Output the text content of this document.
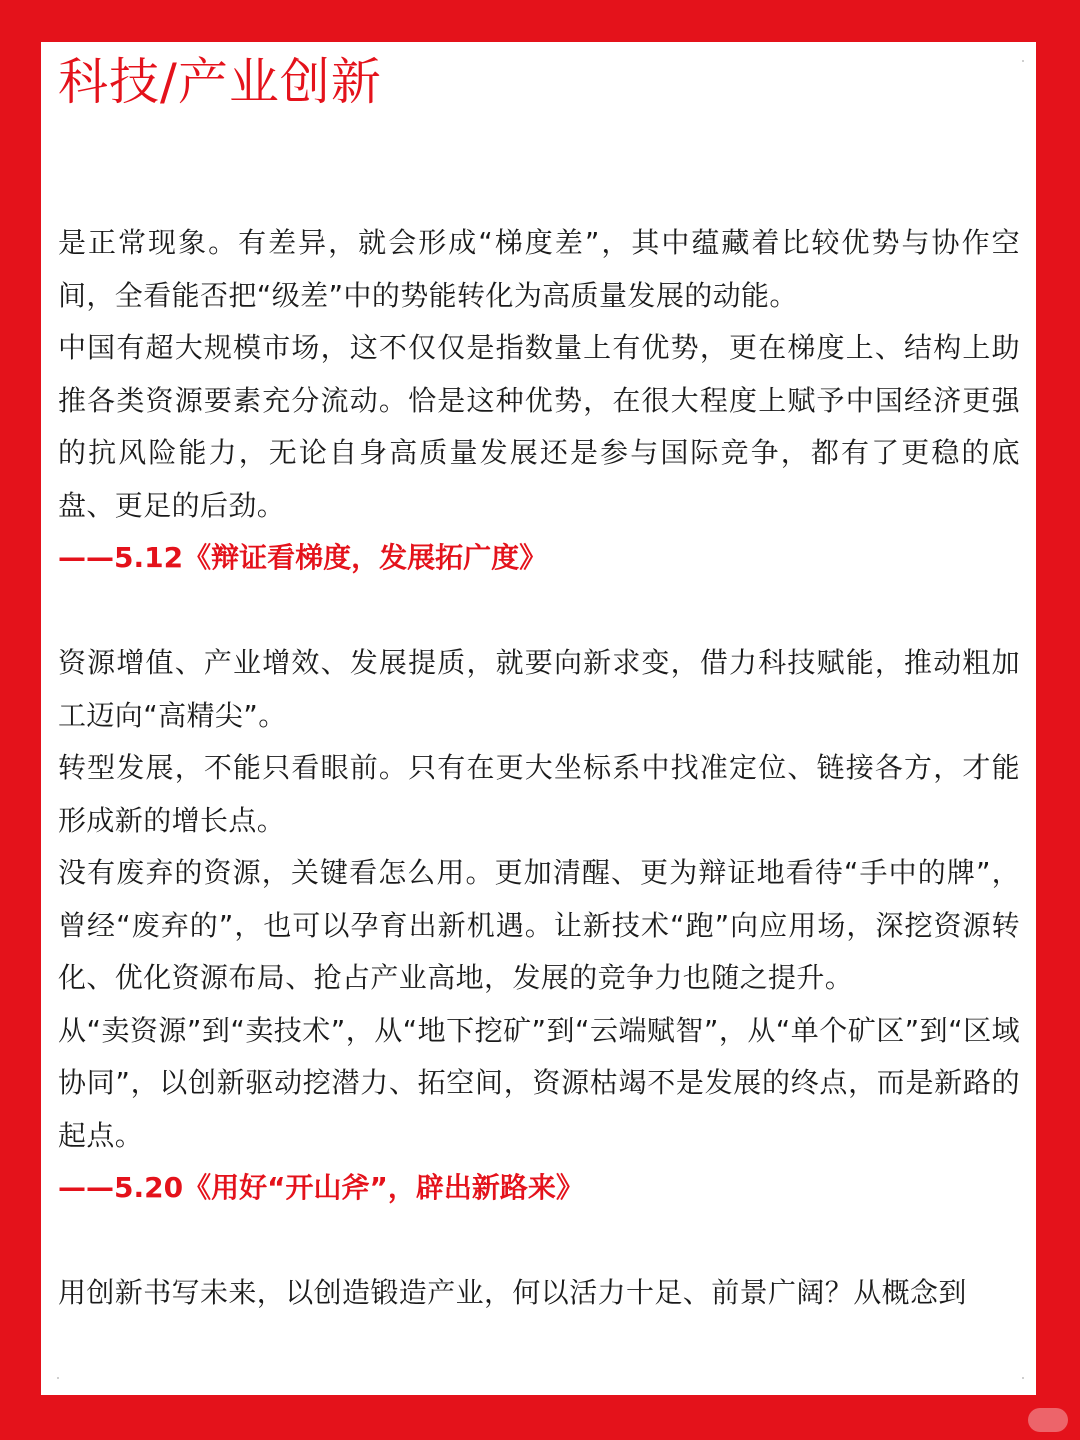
科技/产业创新

是正常现象。有差异，就会形成“梯度差”，其中蕴藏着比较优势与协作空间，全看能否把“级差”中的势能转化为高质量发展的动能。

中国有超大规模市场，这不仅仅是指数量上有优势，更在梯度上、结构上助推各类资源要素充分流动。恰是这种优势，在很大程度上赋予中国经济更强的抗风险能力，无论自身高质量发展还是参与国际竞争，都有了更稳的底盘、更足的后劲。

——5.12《辩证看梯度，发展拓广度》

资源增值、产业增效、发展提质，就要向新求变，借力科技赋能，推动粗加工迈向“高精尖”。

转型发展，不能只看眼前。只有在更大坐标系中找准定位、链接各方，才能形成新的增长点。

没有废弃的资源，关键看怎么用。更加清醒、更为辩证地看待“手中的牌”，曾经“废弃的”，也可以孕育出新机遇。让新技术“跑”向应用场，深挖资源转化、优化资源布局、抢占产业高地，发展的竞争力也随之提升。

从“卖资源”到“卖技术”，从“地下挖矿”到“云端赋智”，从“单个矿区”到“区域协同”，以创新驱动挖潜力、拓空间，资源枯竭不是发展的终点，而是新路的起点。

——5.20《用好“开山斧”，辟出新路来》

用创新书写未来，以创造锻造产业，何以活力十足、前景广阔？从概念到
